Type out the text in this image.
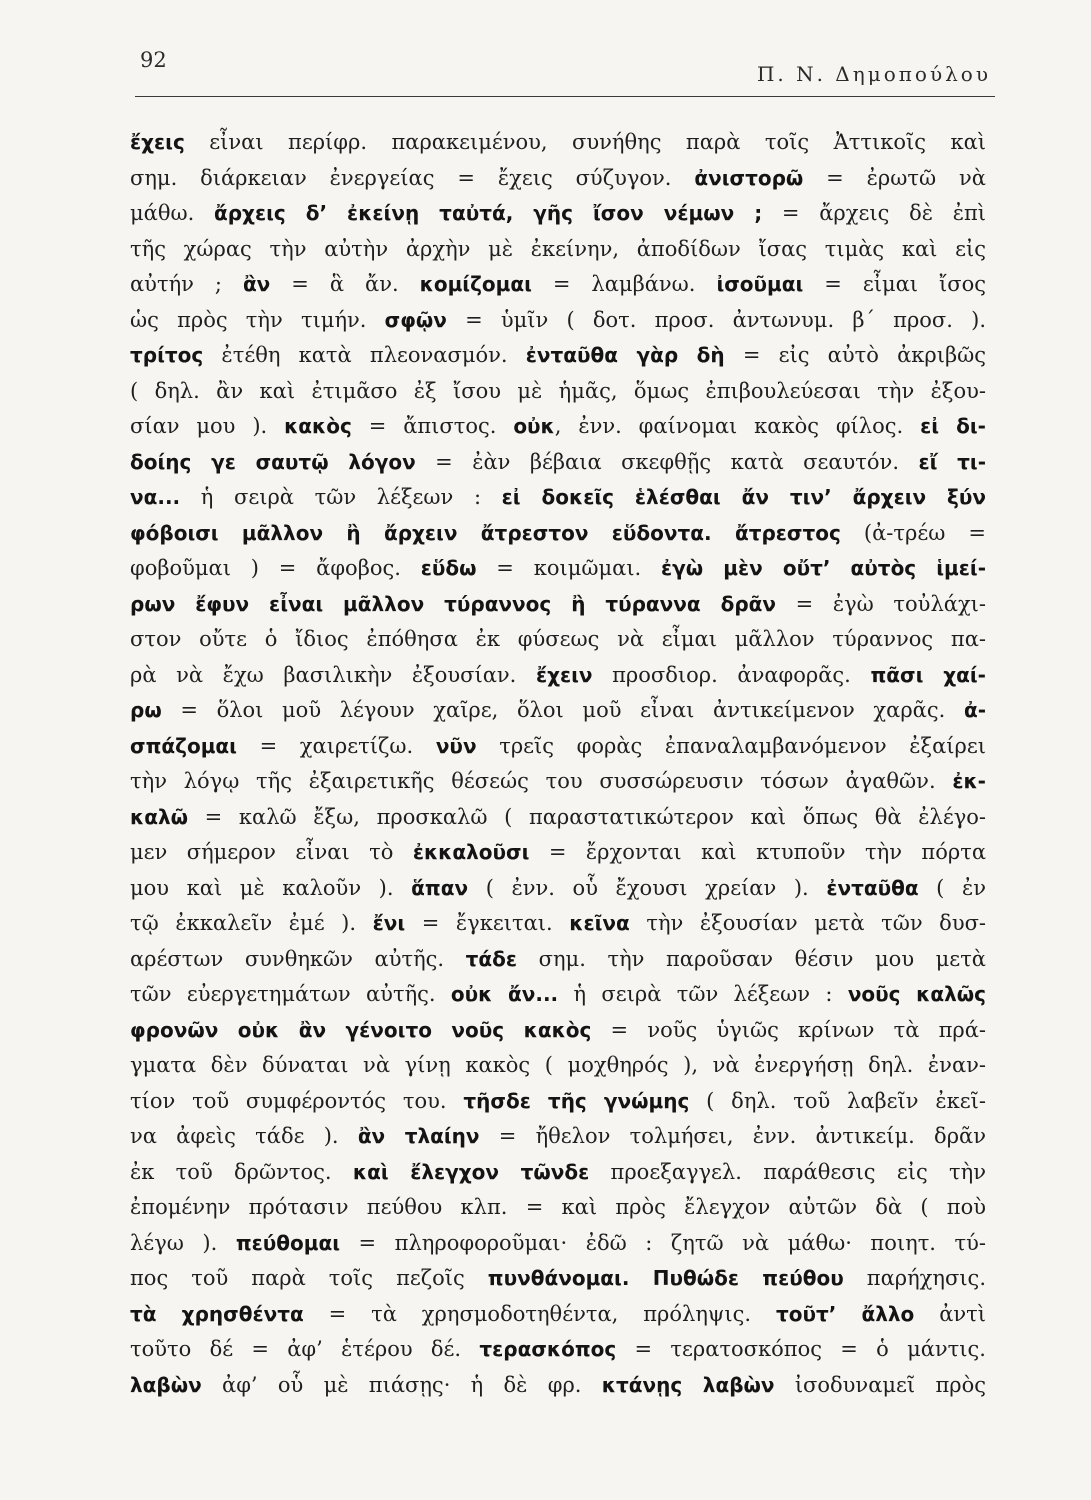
92
Π. Ν. Δημοπούλου
ἔχεις εἶναι περίφρ. παρακειμένου, συνήθης παρὰ τοῖς Ἀττικοῖς καὶ
σημ. διάρκειαν ἐνεργείας = ἔχεις σύζυγον. ἀνιστορῶ = ἐρωτῶ νὰ
μάθω. ἄρχεις δ’ ἐκείνῃ ταὐτά, γῆς ἴσον νέμων ; = ἄρχεις δὲ ἐπὶ
τῆς χώρας τὴν αὐτὴν ἀρχὴν μὲ ἐκείνην, ἀποδίδων ἴσας τιμὰς καὶ εἰς
αὐτήν ; ἂν = ἃ ἄν. κομίζομαι = λαμβάνω. ἰσοῦμαι = εἶμαι ἴσος
ὡς πρὸς τὴν τιμήν. σφῷν = ὑμῖν ( δοτ. προσ. ἀντωνυμ. β΄ προσ. ).
τρίτος ἐτέθη κατὰ πλεονασμόν. ἐνταῦθα γὰρ δὴ = εἰς αὐτὸ ἀκριβῶς
( δηλ. ἂν καὶ ἐτιμᾶσο ἐξ ἴσου μὲ ἡμᾶς, ὅμως ἐπιβουλεύεσαι τὴν ἐξου-
σίαν μου ). κακὸς = ἄπιστος. οὐκ, ἐνν. φαίνομαι κακὸς φίλος. εἰ δι-
δοίης γε σαυτῷ λόγον = ἐὰν βέβαια σκεφθῇς κατὰ σεαυτόν. εἴ τι-
να... ἡ σειρὰ τῶν λέξεων : εἰ δοκεῖς ἑλέσθαι ἄν τιν’ ἄρχειν ξύν
φόβοισι μᾶλλον ἢ ἄρχειν ἄτρεστον εὕδοντα. ἄτρεστος (ἀ-τρέω =
φοβοῦμαι ) = ἄφοβος. εὕδω = κοιμῶμαι. ἐγὼ μὲν οὔτ’ αὐτὸς ἱμεί-
ρων ἔφυν εἶναι μᾶλλον τύραννος ἢ τύραννα δρᾶν = ἐγὼ τοὐλάχι-
στον οὔτε ὁ ἴδιος ἐπόθησα ἐκ φύσεως νὰ εἶμαι μᾶλλον τύραννος πα-
ρὰ νὰ ἔχω βασιλικὴν ἐξουσίαν. ἔχειν προσδιορ. ἀναφορᾶς. πᾶσι χαί-
ρω = ὅλοι μοῦ λέγουν χαῖρε, ὅλοι μοῦ εἶναι ἀντικείμενον χαρᾶς. ἀ-
σπάζομαι = χαιρετίζω. νῦν τρεῖς φορὰς ἐπαναλαμβανόμενον ἐξαίρει
τὴν λόγῳ τῆς ἐξαιρετικῆς θέσεώς του συσσώρευσιν τόσων ἀγαθῶν. ἐκ-
καλῶ = καλῶ ἔξω, προσκαλῶ ( παραστατικώτερον καὶ ὅπως θὰ ἐλέγο-
μεν σήμερον εἶναι τὸ ἐκκαλοῦσι = ἔρχονται καὶ κτυποῦν τὴν πόρτα
μου καὶ μὲ καλοῦν ). ἅπαν ( ἐνν. οὗ ἔχουσι χρείαν ). ἐνταῦθα ( ἐν
τῷ ἐκκαλεῖν ἐμέ ). ἔνι = ἔγκειται. κεῖνα τὴν ἐξουσίαν μετὰ τῶν δυσ-
αρέστων συνθηκῶν αὐτῆς. τάδε σημ. τὴν παροῦσαν θέσιν μου μετὰ
τῶν εὐεργετημάτων αὐτῆς. οὐκ ἄν... ἡ σειρὰ τῶν λέξεων : νοῦς καλῶς
φρονῶν οὐκ ἂν γένοιτο νοῦς κακὸς = νοῦς ὑγιῶς κρίνων τὰ πρά-
γματα δὲν δύναται νὰ γίνῃ κακὸς ( μοχθηρός ), νὰ ἐνεργήσῃ δηλ. ἐναν-
τίον τοῦ συμφέροντός του. τῆσδε τῆς γνώμης ( δηλ. τοῦ λαβεῖν ἐκεῖ-
να ἀφεὶς τάδε ). ἂν τλαίην = ἤθελον τολμήσει, ἐνν. ἀντικείμ. δρᾶν
ἐκ τοῦ δρῶντος. καὶ ἔλεγχον τῶνδε προεξαγγελ. παράθεσις εἰς τὴν
ἐπομένην πρότασιν πεύθου κλπ. = καὶ πρὸς ἔλεγχον αὐτῶν δὰ ( ποὺ
λέγω ). πεύθομαι = πληροφοροῦμαι· ἐδῶ : ζητῶ νὰ μάθω· ποιητ. τύ-
πος τοῦ παρὰ τοῖς πεζοῖς πυνθάνομαι. Πυθώδε πεύθου παρήχησις.
τὰ χρησθέντα = τὰ χρησμοδοτηθέντα, πρόληψις. τοῦτ’ ἄλλο ἀντὶ
τοῦτο δέ = ἀφ’ ἑτέρου δέ. τερασκόπος = τερατοσκόπος = ὁ μάντις.
λαβὼν ἀφ’ οὗ μὲ πιάσῃς· ἡ δὲ φρ. κτάνῃς λαβὼν ἰσοδυναμεῖ πρὸς
